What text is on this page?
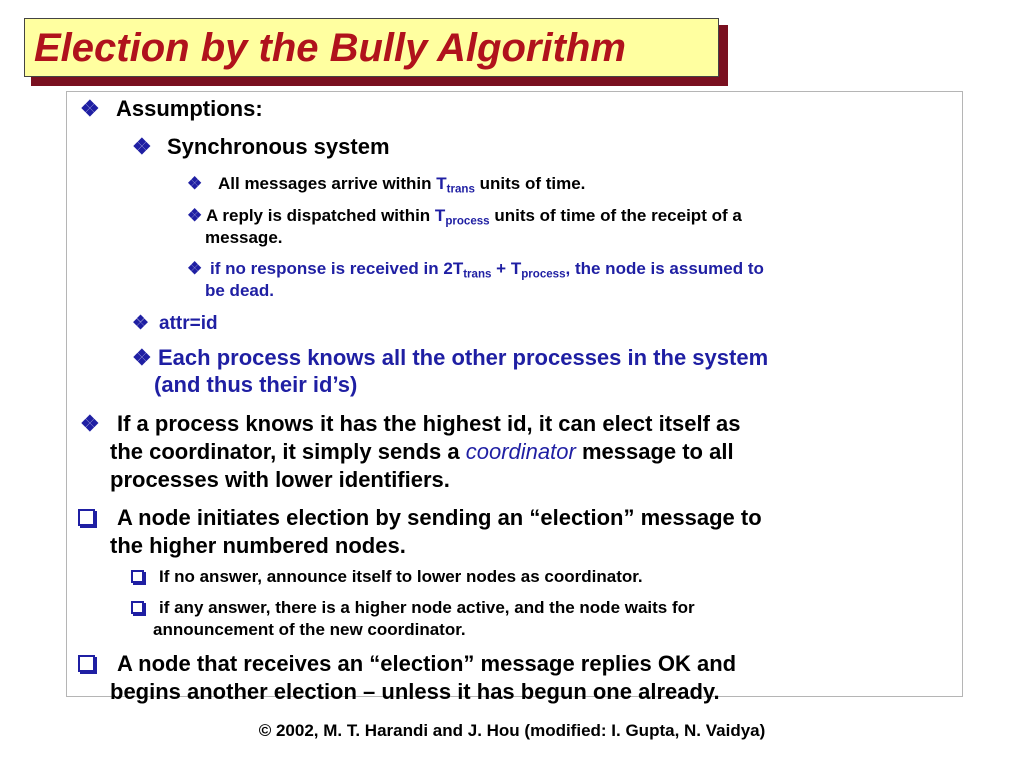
Election by the Bully Algorithm
❖ Assumptions:
❖ Synchronous system
❖ All messages arrive within $T_{trans}$ units of time.
❖ A reply is dispatched within $T_{process}$ units of time of the receipt of a
message.
❖ if no response is received in $2T_{trans} + T_{process}$, the node is assumed to
be dead.
❖ attr=id
❖ Each process knows all the other processes in the system
(and thus their id’s)
❖ If a process knows it has the highest id, it can elect itself as
the coordinator, it simply sends a coordinator message to all
processes with lower identifiers.
A node initiates election by sending an “election” message to
the higher numbered nodes.
If no answer, announce itself to lower nodes as coordinator.
if any answer, there is a higher node active, and the node waits for
announcement of the new coordinator.
A node that receives an “election” message replies OK and
begins another election – unless it has begun one already.
© 2002, M. T. Harandi and J. Hou (modified: I. Gupta, N. Vaidya)
